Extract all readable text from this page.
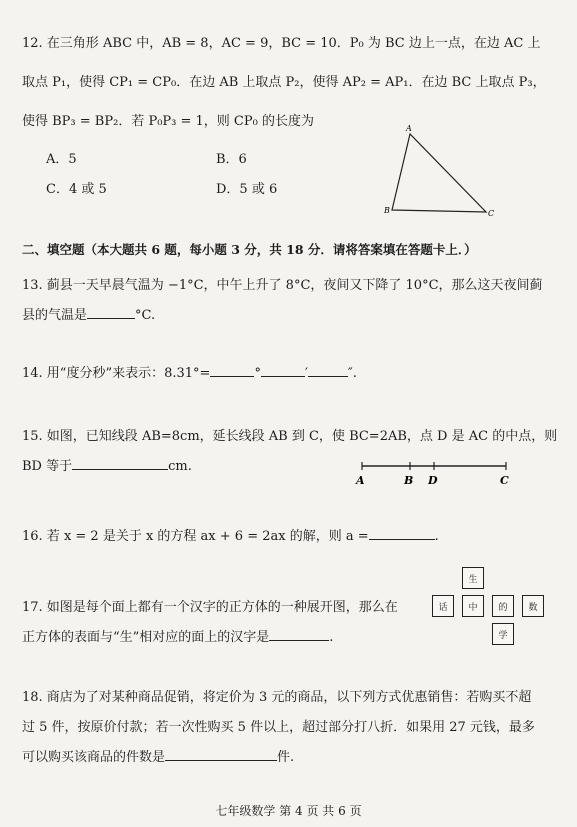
12. 在三角形 ABC 中，AB = 8，AC = 9，BC = 10．P₀ 为 BC 边上一点，在边 AC 上
取点 P₁，使得 CP₁ = CP₀．在边 AB 上取点 P₂，使得 AP₂ = AP₁．在边 BC 上取点 P₃，
使得 BP₃ = BP₂．若 P₀P₃ = 1，则 CP₀ 的长度为
A．5	B．6
C．4 或 5	D．5 或 6
A
B	C
二、填空题（本大题共 6 题，每小题 3 分，共 18 分．请将答案填在答题卡上．）
13. 蓟县一天早晨气温为 −1°C，中午上升了 8°C，夜间又下降了 10°C，那么这天夜间蓟
县的气温是	°C.
14. 用“度分秒”来表示：8.31°=	°	′	″.
15. 如图，已知线段 AB=8cm，延长线段 AB 到 C，使 BC=2AB，点 D 是 AC 的中点，则
BD 等于	cm.
A	B D	C
16. 若 x = 2 是关于 x 的方程 ax + 6 = 2ax 的解，则 a =	.
17. 如图是每个面上都有一个汉字的正方体的一种展开图，那么在
正方体的表面与“生”相对应的面上的汉字是	.
生
话	中	的	数
学
18. 商店为了对某种商品促销，将定价为 3 元的商品，以下列方式优惠销售：若购买不超
过 5 件，按原价付款；若一次性购买 5 件以上，超过部分打八折．如果用 27 元钱，最多
可以购买该商品的件数是	件.
七年级数学 第 4 页 共 6 页
